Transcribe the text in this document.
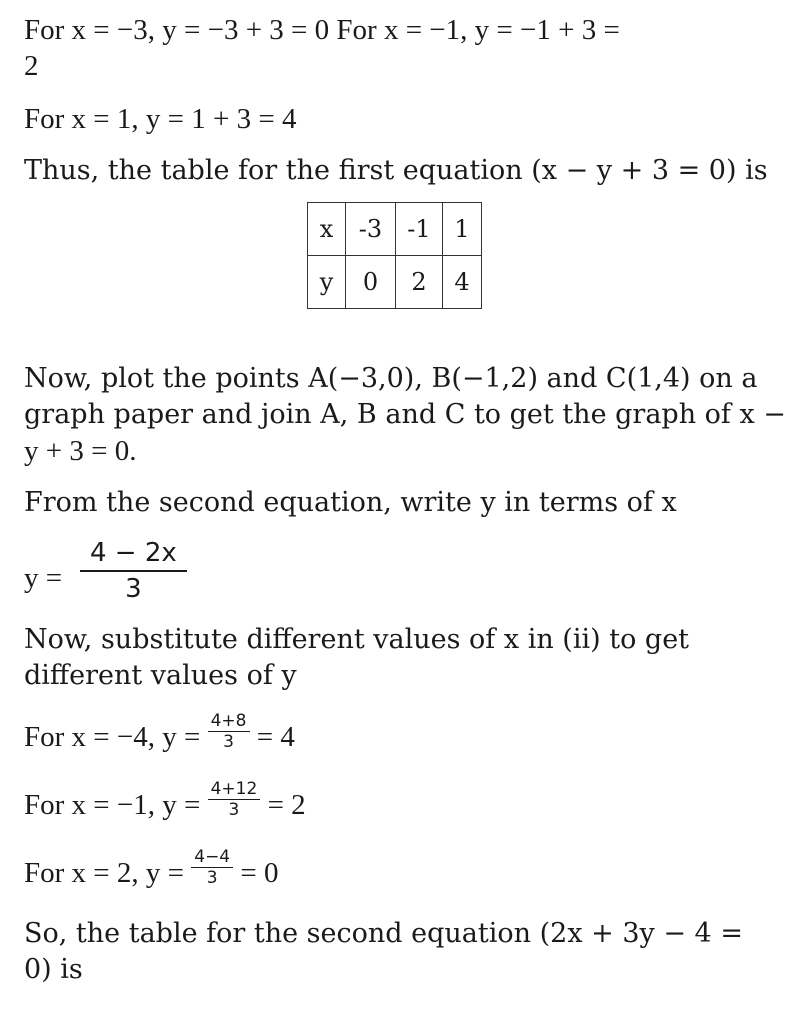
For x = −3, y = −3 + 3 = 0 For x = −1, y = −1 + 3 =
2
For x = 1, y = 1 + 3 = 4
Thus, the table for the first equation (x − y + 3 = 0) is
x	-3	-1	1
y	0	2	4
Now, plot the points A(−3,0), B(−1,2) and C(1,4) on a
graph paper and join A, B and C to get the graph of x −
y + 3 = 0.
From the second equation, write y in terms of x
$y = \frac{4 - 2x}{3}$
Now, substitute different values of x in (ii) to get
different values of y
For x = −4, $y = \frac{4+8}{3} = 4$
For x = −1, $y = \frac{4+12}{3} = 2$
For x = 2, $y = \frac{4-4}{3} = 0$
So, the table for the second equation (2x + 3y − 4 =
0) is
